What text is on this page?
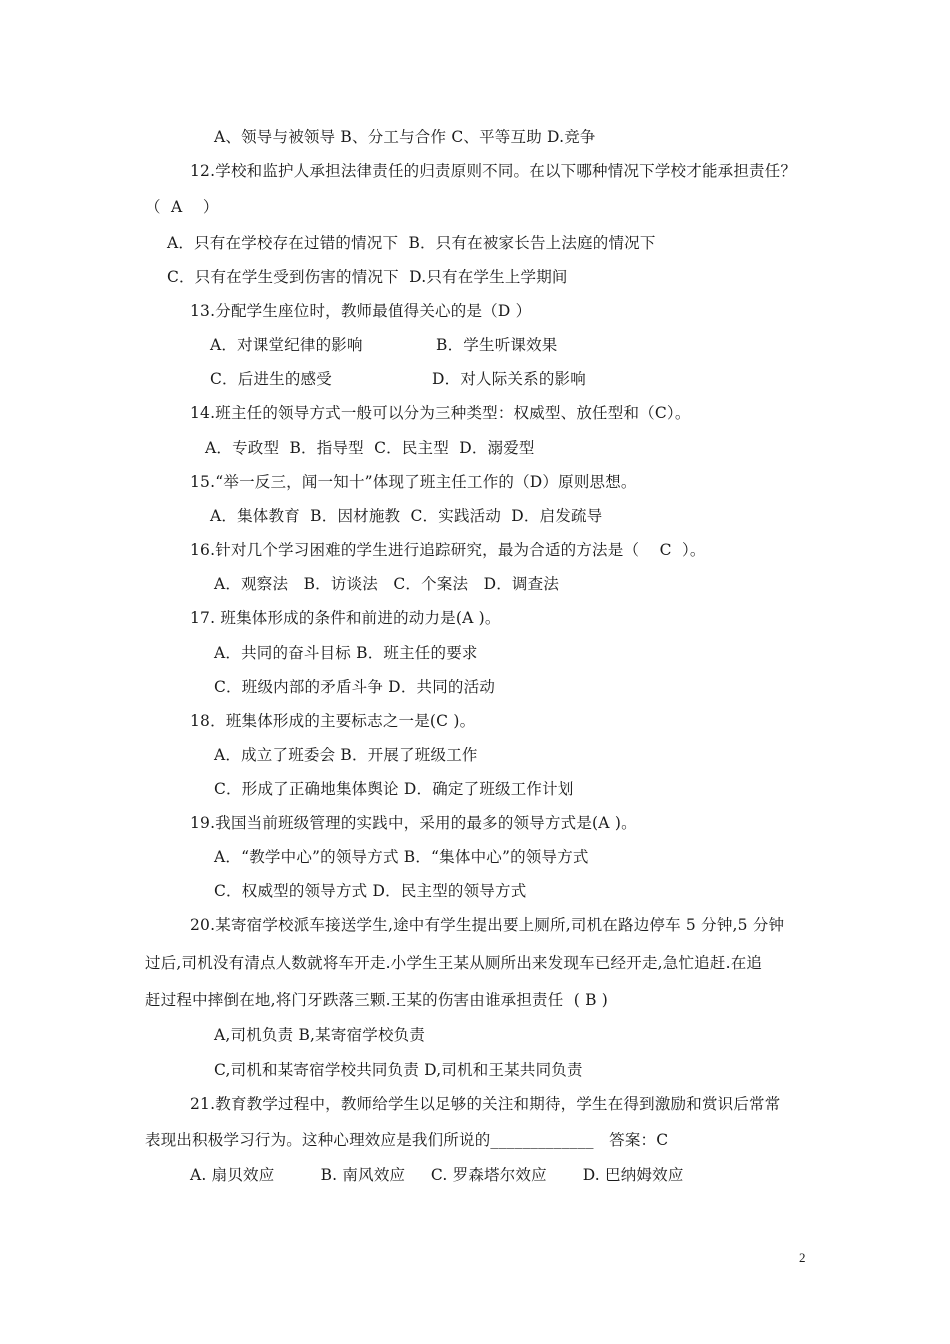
A、领导与被领导 B、分工与合作 C、平等互助 D.竞争
12.学校和监护人承担法律责任的归责原则不同。在以下哪种情况下学校才能承担责任？
（  A    ）
A．只有在学校存在过错的情况下  B．只有在被家长告上法庭的情况下
C．只有在学生受到伤害的情况下  D.只有在学生上学期间
13.分配学生座位时，教师最值得关心的是（D ）
A．对课堂纪律的影响	B．学生听课效果
C．后进生的感受	D．对人际关系的影响
14.班主任的领导方式一般可以分为三种类型：权威型、放任型和（C）。
A．专政型  B．指导型  C．民主型  D．溺爱型
15.“举一反三，闻一知十”体现了班主任工作的（D）原则思想。
A．集体教育  B．因材施教  C．实践活动  D．启发疏导
16.针对几个学习困难的学生进行追踪研究，最为合适的方法是（    C  ）。
A．观察法   B．访谈法   C．个案法   D．调查法
17. 班集体形成的条件和前进的动力是(A )。
A．共同的奋斗目标 B．班主任的要求
C．班级内部的矛盾斗争 D．共同的活动
18．班集体形成的主要标志之一是(C )。
A．成立了班委会 B．开展了班级工作
C．形成了正确地集体舆论 D．确定了班级工作计划
19.我国当前班级管理的实践中，采用的最多的领导方式是(A )。
A．“教学中心”的领导方式 B．“集体中心”的领导方式
C．权威型的领导方式 D．民主型的领导方式
20.某寄宿学校派车接送学生,途中有学生提出要上厕所,司机在路边停车 5 分钟,5 分钟
过后,司机没有清点人数就将车开走.小学生王某从厕所出来发现车已经开走,急忙追赶.在追
赶过程中摔倒在地,将门牙跌落三颗.王某的伤害由谁承担责任  ( B )
A,司机负责 B,某寄宿学校负责
C,司机和某寄宿学校共同负责 D,司机和王某共同负责
21.教育教学过程中，教师给学生以足够的关注和期待，学生在得到激励和赏识后常常
表现出积极学习行为。这种心理效应是我们所说的_____________   答案：C
A. 扇贝效应         B. 南风效应     C. 罗森塔尔效应       D. 巴纳姆效应
2
